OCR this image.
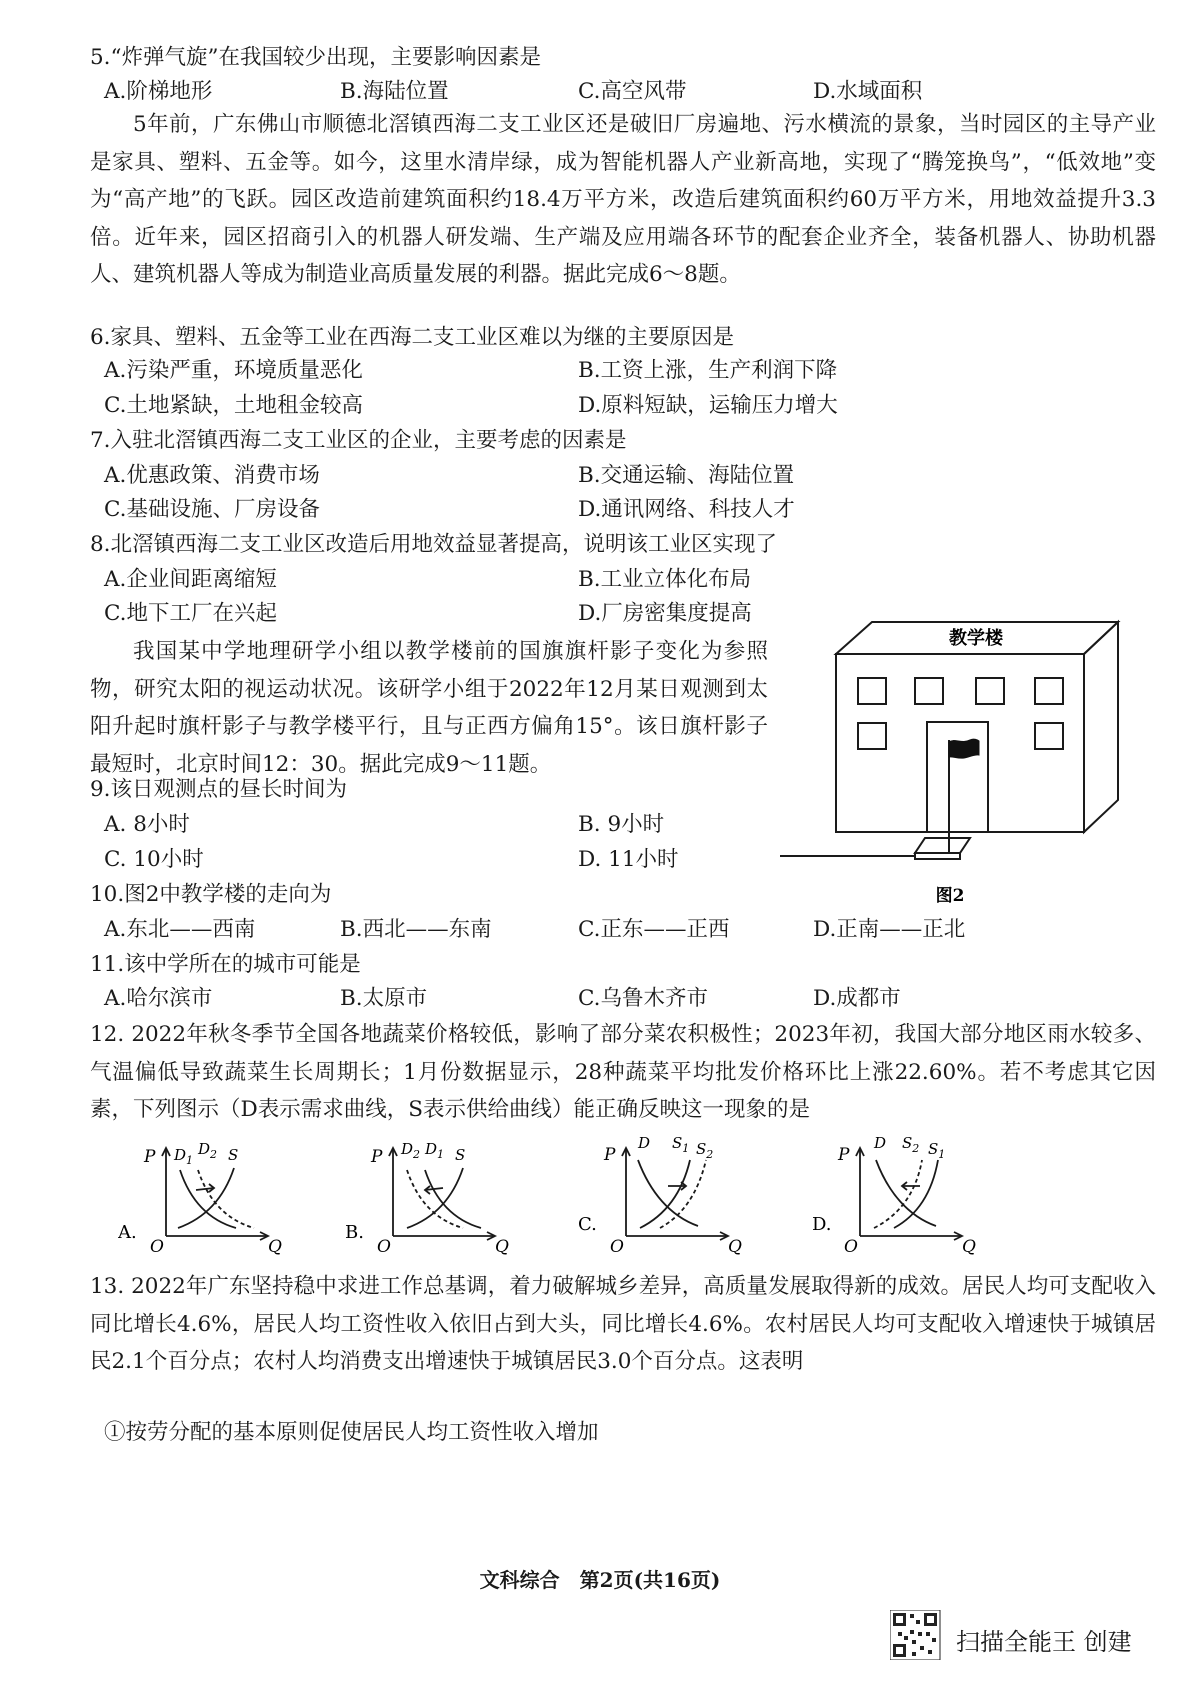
5.“炸弹气旋”在我国较少出现，主要影响因素是
A.阶梯地形	B.海陆位置	C.高空风带	D.水域面积
5年前，广东佛山市顺德北滘镇西海二支工业区还是破旧厂房遍地、污水横流的景象，当时园区的主导产业是家具、塑料、五金等。如今，这里水清岸绿，成为智能机器人产业新高地，实现了“腾笼换鸟”，“低效地”变为“高产地”的飞跃。园区改造前建筑面积约18.4万平方米，改造后建筑面积约60万平方米，用地效益提升3.3倍。近年来，园区招商引入的机器人研发端、生产端及应用端各环节的配套企业齐全，装备机器人、协助机器人、建筑机器人等成为制造业高质量发展的利器。据此完成6～8题。
6.家具、塑料、五金等工业在西海二支工业区难以为继的主要原因是
A.污染严重，环境质量恶化	B.工资上涨，生产利润下降
C.土地紧缺，土地租金较高	D.原料短缺，运输压力增大
7.入驻北滘镇西海二支工业区的企业，主要考虑的因素是
A.优惠政策、消费市场	B.交通运输、海陆位置
C.基础设施、厂房设备	D.通讯网络、科技人才
8.北滘镇西海二支工业区改造后用地效益显著提高，说明该工业区实现了
A.企业间距离缩短	B.工业立体化布局
C.地下工厂在兴起	D.厂房密集度提高
我国某中学地理研学小组以教学楼前的国旗旗杆影子变化为参照物，研究太阳的视运动状况。该研学小组于2022年12月某日观测到太阳升起时旗杆影子与教学楼平行，且与正西方偏角15°。该日旗杆影子最短时，北京时间12：30。据此完成9～11题。
教学楼
图2
9.该日观测点的昼长时间为
A. 8小时	B. 9小时
C. 10小时	D. 11小时
10.图2中教学楼的走向为
A.东北——西南	B.西北——东南	C.正东——正西	D.正南——正北
11.该中学所在的城市可能是
A.哈尔滨市	B.太原市	C.乌鲁木齐市	D.成都市
12. 2022年秋冬季节全国各地蔬菜价格较低，影响了部分菜农积极性；2023年初，我国大部分地区雨水较多、气温偏低导致蔬菜生长周期长；1月份数据显示，28种蔬菜平均批发价格环比上涨22.60%。若不考虑其它因素，下列图示（D表示需求曲线，S表示供给曲线）能正确反映这一现象的是
A.
P
O	Q
$D_1$
$D_2$ S
B.
P
O	Q
$D_2$ $D_1$ S
C.
P
O	Q
D $S_1$ $S_2$
D.
P
O	Q
D $S_2$ $S_1$
13. 2022年广东坚持稳中求进工作总基调，着力破解城乡差异，高质量发展取得新的成效。居民人均可支配收入同比增长4.6%，居民人均工资性收入依旧占到大头，同比增长4.6%。农村居民人均可支配收入增速快于城镇居民2.1个百分点；农村人均消费支出增速快于城镇居民3.0个百分点。这表明
①按劳分配的基本原则促使居民人均工资性收入增加
文科综合　第2页(共16页)
扫描全能王 创建
